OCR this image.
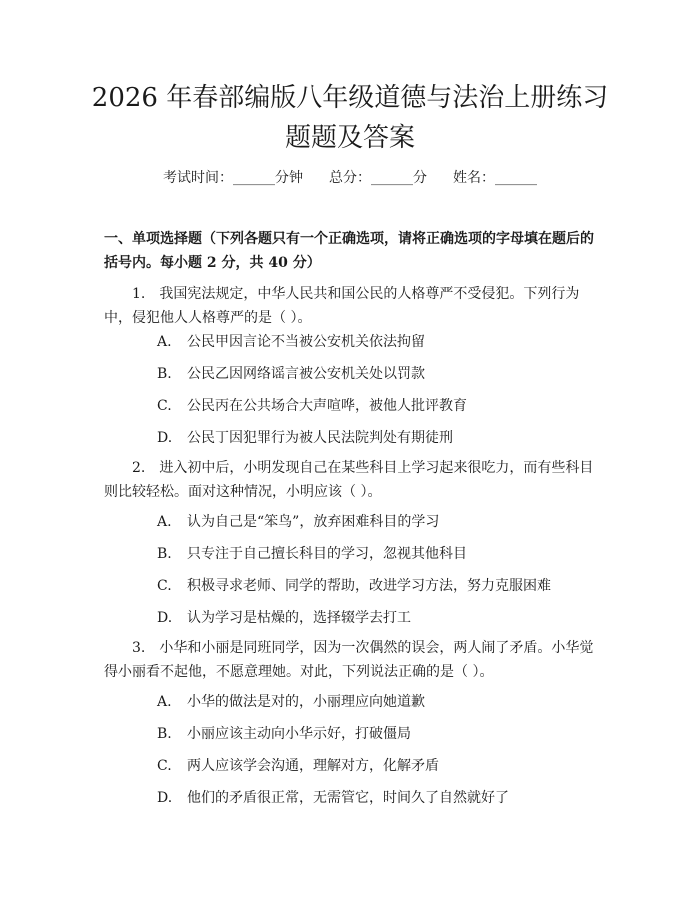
2026 年春部编版八年级道德与法治上册练习题题及答案
考试时间：______分钟 总分：______分 姓名：______
一、单项选择题（下列各题只有一个正确选项，请将正确选项的字母填在题后的括号内。每小题 2 分，共 40 分）
1. 我国宪法规定，中华人民共和国公民的人格尊严不受侵犯。下列行为中，侵犯他人人格尊严的是（ ）。
A. 公民甲因言论不当被公安机关依法拘留
B. 公民乙因网络谣言被公安机关处以罚款
C. 公民丙在公共场合大声喧哗，被他人批评教育
D. 公民丁因犯罪行为被人民法院判处有期徒刑
2. 进入初中后，小明发现自己在某些科目上学习起来很吃力，而有些科目则比较轻松。面对这种情况，小明应该（ ）。
A. 认为自己是“笨鸟”，放弃困难科目的学习
B. 只专注于自己擅长科目的学习，忽视其他科目
C. 积极寻求老师、同学的帮助，改进学习方法，努力克服困难
D. 认为学习是枯燥的，选择辍学去打工
3. 小华和小丽是同班同学，因为一次偶然的误会，两人闹了矛盾。小华觉得小丽看不起他，不愿意理她。对此，下列说法正确的是（ ）。
A. 小华的做法是对的，小丽理应向她道歉
B. 小丽应该主动向小华示好，打破僵局
C. 两人应该学会沟通，理解对方，化解矛盾
D. 他们的矛盾很正常，无需管它，时间久了自然就好了
